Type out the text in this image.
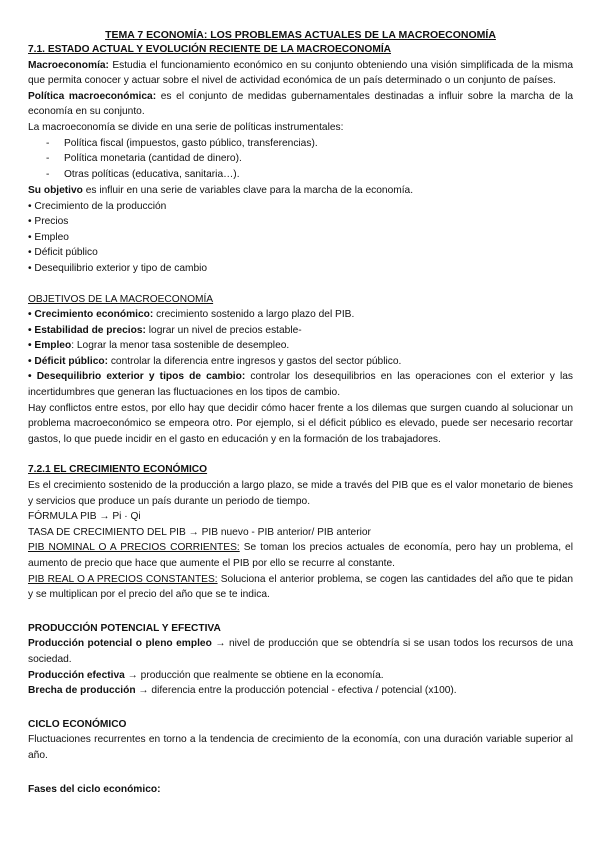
TEMA 7 ECONOMÍA: LOS PROBLEMAS ACTUALES DE LA MACROECONOMÍA

7.1. ESTADO ACTUAL Y EVOLUCIÓN RECIENTE DE LA MACROECONOMÍA

Macroeconomía: Estudia el funcionamiento económico en su conjunto obteniendo una visión simplificada de la misma que permita conocer y actuar sobre el nivel de actividad económica de un país determinado o un conjunto de países.

Política macroeconómica: es el conjunto de medidas gubernamentales destinadas a influir sobre la marcha de la economía en su conjunto.

La macroeconomía se divide en una serie de políticas instrumentales:

- Política fiscal (impuestos, gasto público, transferencias).
- Política monetaria (cantidad de dinero).
- Otras políticas (educativa, sanitaria…).

Su objetivo es influir en una serie de variables clave para la marcha de la economía.

• Crecimiento de la producción

• Precios

• Empleo

• Déficit público

• Desequilibrio exterior y tipo de cambio

OBJETIVOS DE LA MACROECONOMÍA

• Crecimiento económico: crecimiento sostenido a largo plazo del PIB.

• Estabilidad de precios: lograr un nivel de precios estable-

• Empleo: Lograr la menor tasa sostenible de desempleo.

• Déficit público: controlar la diferencia entre ingresos y gastos del sector público.

• Desequilibrio exterior y tipos de cambio: controlar los desequilibrios en las operaciones con el exterior y las incertidumbres que generan las fluctuaciones en los tipos de cambio.

Hay conflictos entre estos, por ello hay que decidir cómo hacer frente a los dilemas que surgen cuando al solucionar un problema macroeconómico se empeora otro. Por ejemplo, si el déficit público es elevado, puede ser necesario recortar gastos, lo que puede incidir en el gasto en educación y en la formación de los trabajadores.

7.2.1 EL CRECIMIENTO ECONÓMICO

Es el crecimiento sostenido de la producción a largo plazo, se mide a través del PIB que es el valor monetario de bienes y servicios que produce un país durante un periodo de tiempo.

FÓRMULA PIB → Pi · Qi

TASA DE CRECIMIENTO DEL PIB → PIB nuevo - PIB anterior/ PIB anterior

PIB NOMINAL O A PRECIOS CORRIENTES: Se toman los precios actuales de economía, pero hay un problema, el aumento de precio que hace que aumente el PIB por ello se recurre al constante.

PIB REAL O A PRECIOS CONSTANTES: Soluciona el anterior problema, se cogen las cantidades del año que te pidan y se multiplican por el precio del año que se te indica.

PRODUCCIÓN POTENCIAL Y EFECTIVA

Producción potencial o pleno empleo → nivel de producción que se obtendría si se usan todos los recursos de una sociedad.

Producción efectiva → producción que realmente se obtiene en la economía.

Brecha de producción → diferencia entre la producción potencial - efectiva / potencial (x100).

CICLO ECONÓMICO

Fluctuaciones recurrentes en torno a la tendencia de crecimiento de la economía, con una duración variable superior al año.

Fases del ciclo económico:
